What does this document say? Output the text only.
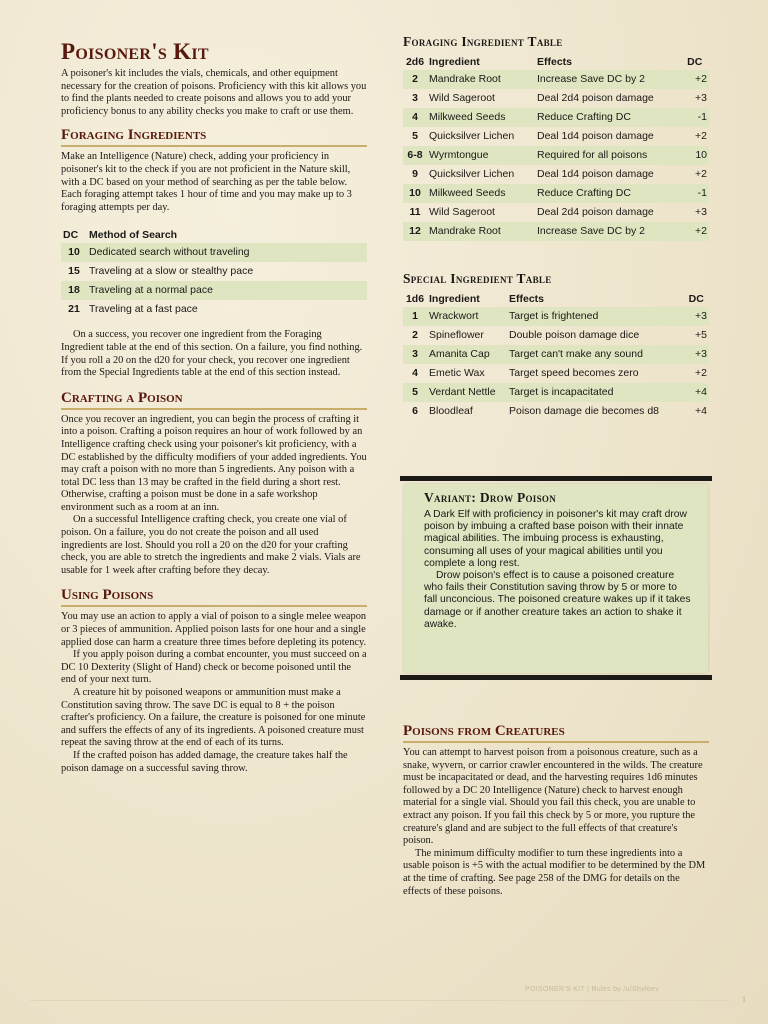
Poisoner's Kit

A poisoner's kit includes the vials, chemicals, and other equipment necessary for the creation of poisons. Proficiency with this kit allows you to find the plants needed to create poisons and allows you to add your proficiency bonus to any ability checks you make to craft or use them.

Foraging Ingredients

Make an Intelligence (Nature) check, adding your proficiency in poisoner's kit to the check if you are not proficient in the Nature skill, with a DC based on your method of searching as per the table below. Each foraging attempt takes 1 hour of time and you may make up to 3 foraging attempts per day.

DC	Method of Search
10	Dedicated search without traveling
15	Traveling at a slow or stealthy pace
18	Traveling at a normal pace
21	Traveling at a fast pace

On a success, you recover one ingredient from the Foraging Ingredient table at the end of this section. On a failure, you find nothing. If you roll a 20 on the d20 for your check, you recover one ingredient from the Special Ingredients table at the end of this section instead.

Crafting a Poison

Once you recover an ingredient, you can begin the process of crafting it into a poison. Crafting a poison requires an hour of work followed by an Intelligence crafting check using your poisoner's kit proficiency, with a DC established by the difficulty modifiers of your added ingredients. You may craft a poison with no more than 5 ingredients. Any poison with a total DC less than 13 may be crafted in the field during a short rest. Otherwise, crafting a poison must be done in a safe workshop environment such as a room at an inn.

On a successful Intelligence crafting check, you create one vial of poison. On a failure, you do not create the poison and all used ingredients are lost. Should you roll a 20 on the d20 for your crafting check, you are able to stretch the ingredients and make 2 vials. Vials are usable for 1 week after crafting before they decay.

Using Poisons

You may use an action to apply a vial of poison to a single melee weapon or 3 pieces of ammunition. Applied poison lasts for one hour and a single applied dose can harm a creature three times before depleting its potency.

If you apply poison during a combat encounter, you must succeed on a DC 10 Dexterity (Slight of Hand) check or become poisoned until the end of your next turn.

A creature hit by poisoned weapons or ammunition must make a Constitution saving throw. The save DC is equal to 8 + the poison crafter's proficiency. On a failure, the creature is poisoned for one minute and suffers the effects of any of its ingredients. A poisoned creature must repeat the saving throw at the end of each of its turns.

If the crafted poison has added damage, the creature takes half the poison damage on a successful saving throw.

Foraging Ingredient Table
2d6	Ingredient	Effects	DC
2	Mandrake Root	Increase Save DC by 2	+2
3	Wild Sageroot	Deal 2d4 poison damage	+3
4	Milkweed Seeds	Reduce Crafting DC	-1
5	Quicksilver Lichen	Deal 1d4 poison damage	+2
6-8	Wyrmtongue	Required for all poisons	10
9	Quicksilver Lichen	Deal 1d4 poison damage	+2
10	Milkweed Seeds	Reduce Crafting DC	-1
11	Wild Sageroot	Deal 2d4 poison damage	+3
12	Mandrake Root	Increase Save DC by 2	+2
Special Ingredient Table
1d6	Ingredient	Effects	DC
1	Wrackwort	Target is frightened	+3
2	Spineflower	Double poison damage dice	+5
3	Amanita Cap	Target can't make any sound	+3
4	Emetic Wax	Target speed becomes zero	+2
5	Verdant Nettle	Target is incapacitated	+4
6	Bloodleaf	Poison damage die becomes d8	+4
Variant: Drow Poison

A Dark Elf with proficiency in poisoner's kit may craft drow poison by imbuing a crafted base poison with their innate magical abilities. The imbuing process is exhausting, consuming all uses of your magical abilities until you complete a long rest.

Drow poison's effect is to cause a poisoned creature who fails their Constitution saving throw by 5 or more to fall unconcious. The poisoned creature wakes up if it takes damage or if another creature takes an action to shake it awake.

Poisons from Creatures

You can attempt to harvest poison from a poisonous creature, such as a snake, wyvern, or carrior crawler encountered in the wilds. The creature must be incapacitated or dead, and the harvesting requires 1d6 minutes followed by a DC 20 Intelligence (Nature) check to harvest enough material for a single vial. Should you fail this check, you are unable to extract any poison. If you fail this check by 5 or more, you rupture the creature's gland and are subject to the full effects of that creature's poison.

The minimum difficulty modifier to turn these ingredients into a usable poison is +5 with the actual modifier to be determined by the DM at the time of crafting. See page 258 of the DMG for details on the effects of these poisons.

POISONER'S KIT | Rules by /u/Shyloev
1
